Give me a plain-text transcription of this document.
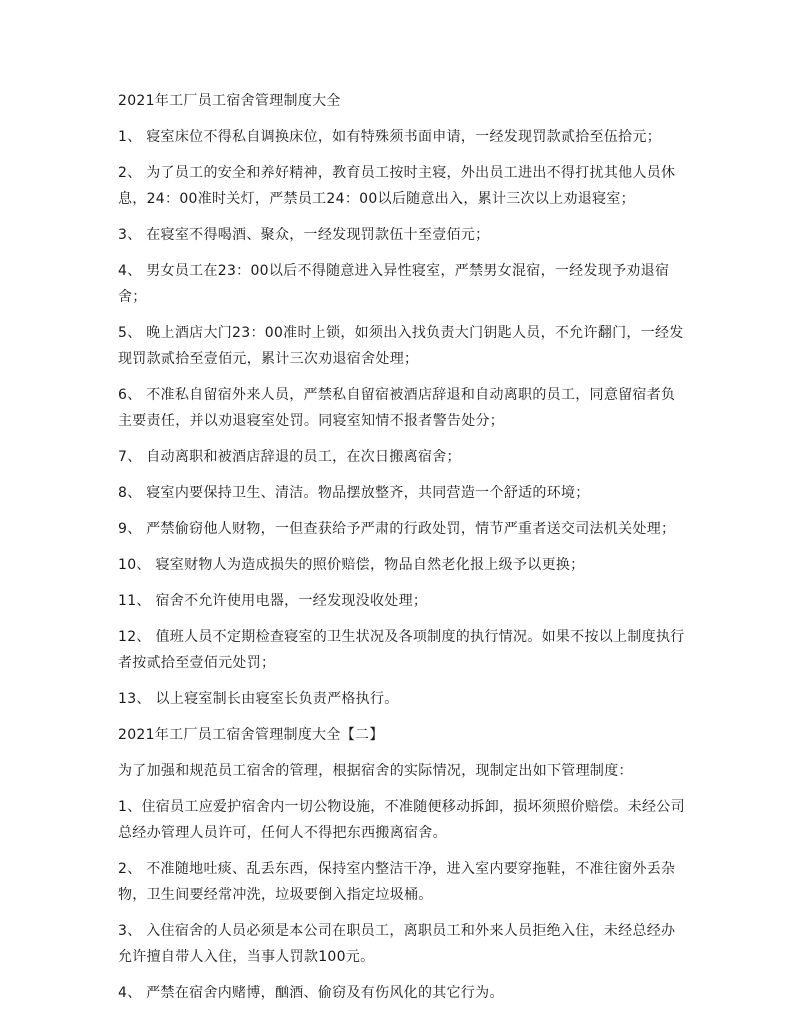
2021年工厂员工宿舍管理制度大全

1、 寝室床位不得私自调换床位，如有特殊须书面申请，一经发现罚款贰拾至伍拾元；

2、 为了员工的安全和养好精神，教育员工按时主寝，外出员工进出不得打扰其他人员休息，24：00准时关灯，严禁员工24：00以后随意出入，累计三次以上劝退寝室；

3、 在寝室不得喝酒、聚众，一经发现罚款伍十至壹佰元；

4、 男女员工在23：00以后不得随意进入异性寝室，严禁男女混宿，一经发现予劝退宿舍；

5、 晚上酒店大门23：00准时上锁，如须出入找负责大门钥匙人员，不允许翻门，一经发现罚款贰拾至壹佰元，累计三次劝退宿舍处理；

6、 不准私自留宿外来人员，严禁私自留宿被酒店辞退和自动离职的员工，同意留宿者负主要责任，并以劝退寝室处罚。同寝室知情不报者警告处分；

7、 自动离职和被酒店辞退的员工，在次日搬离宿舍；

8、 寝室内要保持卫生、清洁。物品摆放整齐，共同营造一个舒适的环境；

9、 严禁偷窃他人财物，一但查获给予严肃的行政处罚，情节严重者送交司法机关处理；

10、 寝室财物人为造成损失的照价赔偿，物品自然老化报上级予以更换；

11、 宿舍不允许使用电器，一经发现没收处理；

12、 值班人员不定期检查寝室的卫生状况及各项制度的执行情况。如果不按以上制度执行者按贰拾至壹佰元处罚；

13、 以上寝室制长由寝室长负责严格执行。

2021年工厂员工宿舍管理制度大全【二】

为了加强和规范员工宿舍的管理，根据宿舍的实际情况，现制定出如下管理制度：

1、住宿员工应爱护宿舍内一切公物设施，不准随便移动拆卸，损坏须照价赔偿。未经公司总经办管理人员许可，任何人不得把东西搬离宿舍。

2、 不准随地吐痰、乱丢东西，保持室内整洁干净，进入室内要穿拖鞋，不准往窗外丢杂物，卫生间要经常冲洗，垃圾要倒入指定垃圾桶。

3、 入住宿舍的人员必须是本公司在职员工，离职员工和外来人员拒绝入住，未经总经办允许擅自带人入住，当事人罚款100元。

4、 严禁在宿舍内赌博，酗酒、偷窃及有伤风化的其它行为。
